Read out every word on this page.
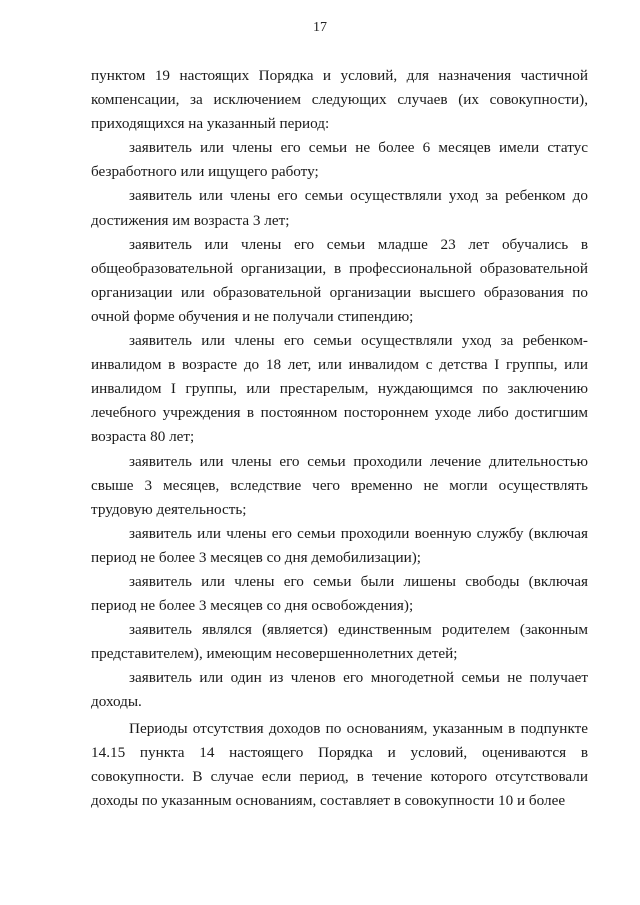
17

пунктом 19 настоящих Порядка и условий, для назначения частичной компенсации, за исключением следующих случаев (их совокупности), приходящихся на указанный период:

заявитель или члены его семьи не более 6 месяцев имели статус безработного или ищущего работу;

заявитель или члены его семьи осуществляли уход за ребенком до достижения им возраста 3 лет;

заявитель или члены его семьи младше 23 лет обучались в общеобразовательной организации, в профессиональной образовательной организации или образовательной организации высшего образования по очной форме обучения и не получали стипендию;

заявитель или члены его семьи осуществляли уход за ребенком-инвалидом в возрасте до 18 лет, или инвалидом с детства I группы, или инвалидом I группы, или престарелым, нуждающимся по заключению лечебного учреждения в постоянном постороннем уходе либо достигшим возраста 80 лет;

заявитель или члены его семьи проходили лечение длительностью свыше 3 месяцев, вследствие чего временно не могли осуществлять трудовую деятельность;

заявитель или члены его семьи проходили военную службу (включая период не более 3 месяцев со дня демобилизации);

заявитель или члены его семьи были лишены свободы (включая период не более 3 месяцев со дня освобождения);

заявитель являлся (является) единственным родителем (законным представителем), имеющим несовершеннолетних детей;

заявитель или один из членов его многодетной семьи не получает доходы.

Периоды отсутствия доходов по основаниям, указанным в подпункте 14.15 пункта 14 настоящего Порядка и условий, оцениваются в совокупности. В случае если период, в течение которого отсутствовали доходы по указанным основаниям, составляет в совокупности 10 и более
